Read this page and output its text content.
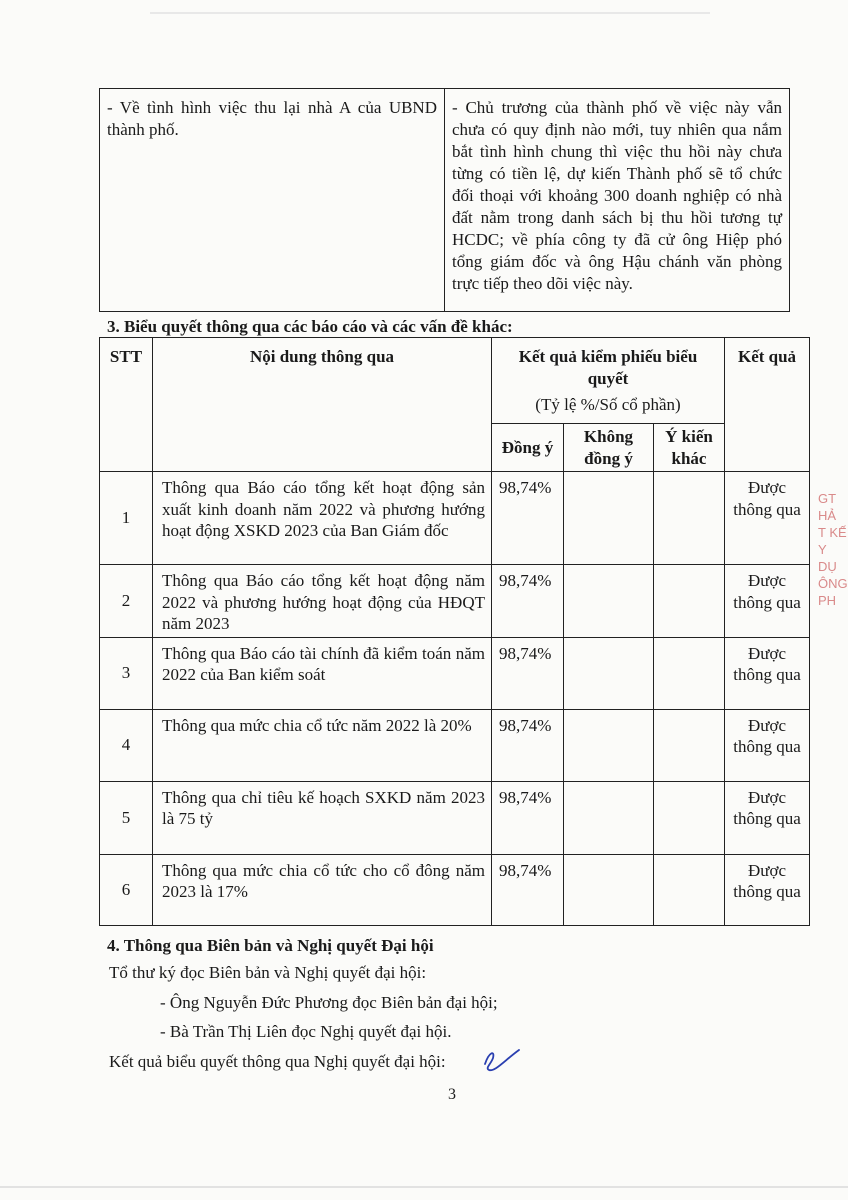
- Về tình hình việc thu lại nhà A của UBND thành phố.	- Chủ trương của thành phố về việc này vẫn chưa có quy định nào mới, tuy nhiên qua nắm bắt tình hình chung thì việc thu hồi này chưa từng có tiền lệ, dự kiến Thành phố sẽ tổ chức đối thoại với khoảng 300 doanh nghiệp có nhà đất nằm trong danh sách bị thu hồi tương tự HCDC; về phía công ty đã cử ông Hiệp phó tổng giám đốc và ông Hậu chánh văn phòng trực tiếp theo dõi việc này.
3. Biểu quyết thông qua các báo cáo và các vấn đề khác:
STT	Nội dung thông qua	Kết quả kiểm phiếu biểu quyết
(Tỷ lệ %/Số cổ phần)			Kết quả
		Đồng ý	Không đồng ý	Ý kiến khác	
1	Thông qua Báo cáo tổng kết hoạt động sản xuất kinh doanh năm 2022 và phương hướng hoạt động XSKD 2023 của Ban Giám đốc	98,74%			Được thông qua
2	Thông qua Báo cáo tổng kết hoạt động năm 2022 và phương hướng hoạt động của HĐQT năm 2023	98,74%			Được thông qua
3	Thông qua Báo cáo tài chính đã kiểm toán năm 2022 của Ban kiểm soát	98,74%			Được thông qua
4	Thông qua mức chia cổ tức năm 2022 là 20%	98,74%			Được thông qua
5	Thông qua chỉ tiêu kế hoạch SXKD năm 2023 là 75 tỷ	98,74%			Được thông qua
6	Thông qua mức chia cổ tức cho cổ đông năm 2023 là 17%	98,74%			Được thông qua
4. Thông qua Biên bản và Nghị quyết Đại hội
Tổ thư ký đọc Biên bản và Nghị quyết đại hội:
- Ông Nguyễn Đức Phương đọc Biên bản đại hội;
- Bà Trần Thị Liên đọc Nghị quyết đại hội.
Kết quả biểu quyết thông qua Nghị quyết đại hội:
GT
HẢ
T KẾ
Y DỤ
ÔNG
PH
3
